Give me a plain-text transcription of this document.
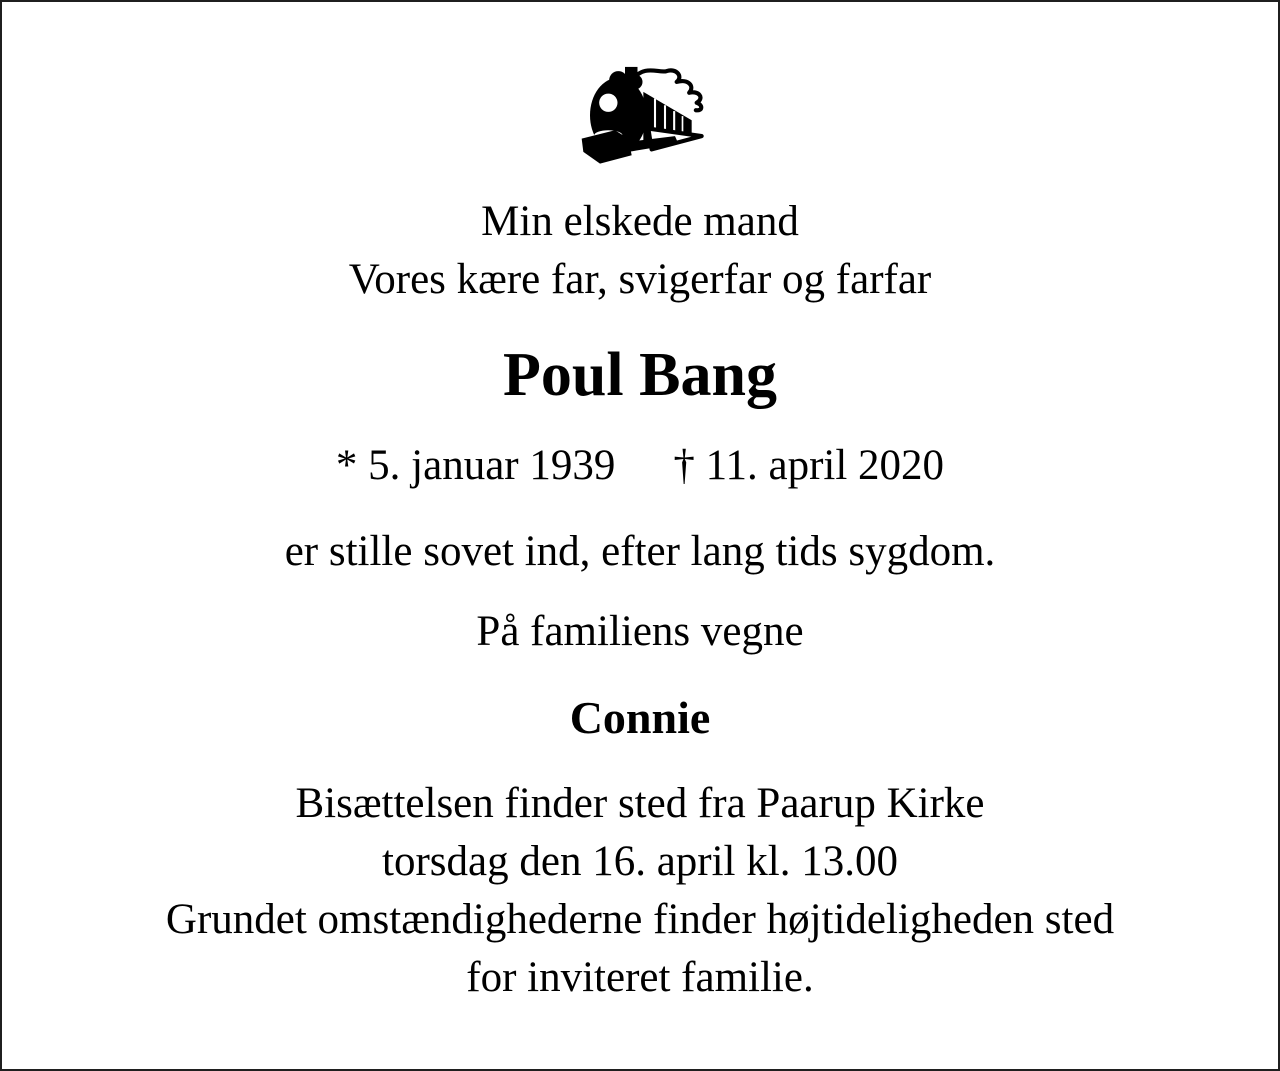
Min elskede mand
Vores kære far, svigerfar og farfar

Poul Bang

* 5. januar 1939 † 11. april 2020

er stille sovet ind, efter lang tids sygdom.

På familiens vegne

Connie

Bisættelsen finder sted fra Paarup Kirke
torsdag den 16. april kl. 13.00
Grundet omstændighederne finder højtideligheden sted
for inviteret familie.
